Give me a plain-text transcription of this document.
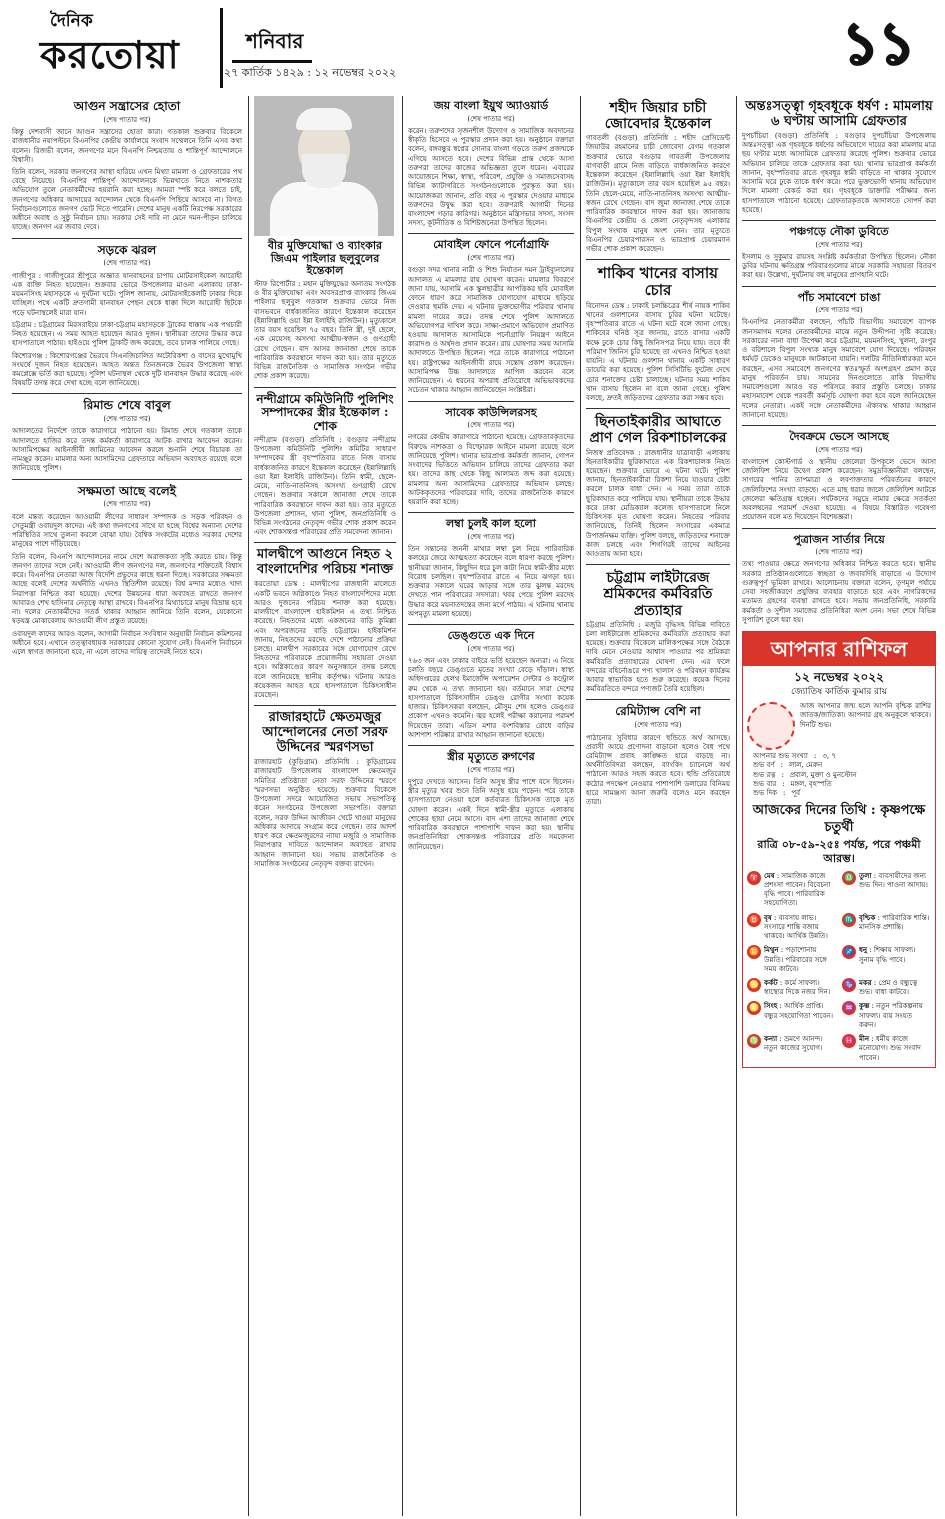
দৈনিক
করতোয়া	শনিবার
২৭ কার্তিক ১৪২৯ : ১২ নভেম্বর ২০২২	১১
আগুন সন্ত্রাসের হোতা
(শেষ পাতার পর)

কিন্তু দেশবাসী জানে আগুন সন্ত্রাসের হোতা কারা। গতকাল শুক্রবার বিকেলে রাজধানীর নয়াপল্টনে বিএনপির কেন্দ্রীয় কার্যালয়ে সংবাদ সম্মেলনে তিনি এসব কথা বলেন। রিজভী বলেন, জনগণের মনে বিএনপি নিশ্চয়তায় ও শান্তিপূর্ণ আন্দোলনে বিশ্বাসী।

তিনি বলেন, সরকার জনগণের আস্থা হারিয়ে এখন মিথ্যা মামলা ও গ্রেফতারের পথ বেছে নিয়েছে। বিএনপির শান্তিপূর্ণ আন্দোলনকে ভিন্নখাতে নিতে নাশকতার অভিযোগ তুলে নেতাকর্মীদের হয়রানি করা হচ্ছে। আমরা স্পষ্ট করে বলতে চাই, জনগণের অধিকার আদায়ের আন্দোলন থেকে বিএনপি পিছিয়ে আসবে না। বিগত নির্বাচনগুলোতে জনগণ ভোট দিতে পারেনি। দেশের মানুষ একটি নিরপেক্ষ সরকারের অধীনে অবাধ ও সুষ্ঠু নির্বাচন চায়। সরকার সেই দাবি না মেনে দমন-পীড়ন চালিয়ে যাচ্ছে। জনগণ এর জবাব দেবে।

সড়কে ঝরল
(শেষ পাতার পর)

গাজীপুর : গাজীপুরের শ্রীপুরে অজ্ঞাত যানবাহনের চাপায় মোটরসাইকেল আরোহী এক ব্যক্তি নিহত হয়েছেন। শুক্রবার ভোরে উপজেলার মাওনা এলাকায় ঢাকা-ময়মনসিংহ মহাসড়কে এ দুর্ঘটনা ঘটে। পুলিশ জানায়, মোটরসাইকেলটি ঢাকার দিকে যাচ্ছিল। পথে একটি দ্রুতগামী যানবাহন পেছন থেকে ধাক্কা দিলে আরোহী ছিটকে পড়ে ঘটনাস্থলেই মারা যান।

চট্টগ্রাম : চট্টগ্রামের মিরসরাইয়ে ঢাকা-চট্টগ্রাম মহাসড়কে ট্রাকের ধাক্কায় এক পথচারী নিহত হয়েছেন। এ সময় আহত হয়েছেন আরও দুজন। স্থানীয়রা তাদের উদ্ধার করে হাসপাতালে পাঠায়। হাইওয়ে পুলিশ ট্রাকটি জব্দ করেছে, তবে চালক পালিয়ে গেছে।

কিশোরগঞ্জ : কিশোরগঞ্জের ভৈরবে সিএনজিচালিত অটোরিকশা ও বাসের মুখোমুখি সংঘর্ষে দুজন নিহত হয়েছেন। আহত অন্তত তিনজনকে ভৈরব উপজেলা স্বাস্থ্য কমপ্লেক্সে ভর্তি করা হয়েছে। পুলিশ ঘটনাস্থল থেকে দুটি যানবাহন উদ্ধার করেছে এবং বিষয়টি তদন্ত করে দেখা হচ্ছে বলে জানিয়েছে।

রিমান্ড শেষে বাবুল
(শেষ পাতার পর)

আদালতের নির্দেশে তাকে কারাগারে পাঠানো হয়। রিমান্ড শেষে গতকাল তাকে আদালতে হাজির করে তদন্ত কর্মকর্তা কারাগারে আটক রাখার আবেদন করেন। আসামিপক্ষের আইনজীবী জামিনের আবেদন করলে শুনানি শেষে বিচারক তা নামঞ্জুর করেন। মামলার অন্য আসামিদের গ্রেফতারে অভিযান অব্যাহত রয়েছে বলে জানিয়েছে পুলিশ।

সক্ষমতা আছে বলেই
(শেষ পাতার পর)

বলে মন্তব্য করেছেন আওয়ামী লীগের সাধারণ সম্পাদক ও সড়ক পরিবহন ও সেতুমন্ত্রী ওবায়দুল কাদের। এই কথা জনগণের সাথে যা হচ্ছে বিশ্বের অন্যান্য দেশের পরিস্থিতির সাথে তুলনা করলে বোঝা যায়। বৈশ্বিক সংকটের মধ্যেও সরকার দেশের মানুষের পাশে দাঁড়িয়েছে।

তিনি বলেন, বিএনপি আন্দোলনের নামে দেশে অরাজকতা সৃষ্টি করতে চায়। কিন্তু জনগণ তাদের সঙ্গে নেই। আওয়ামী লীগ জনগণের দল, জনগণের শক্তিতেই বিশ্বাস করে। বিএনপির নেতারা আজ বিদেশি প্রভুদের কাছে ধরনা দিচ্ছে। সরকারের সক্ষমতা আছে বলেই দেশের অর্থনীতি এখনও স্থিতিশীল রয়েছে। বিশ্ব মন্দার মধ্যেও খাদ্য নিরাপত্তা নিশ্চিত করা হয়েছে। দেশের উন্নয়নের ধারা অব্যাহত রাখতে জনগণ আবারও শেখ হাসিনার নেতৃত্বে আস্থা রাখবে। বিএনপির মিথ্যাচারে মানুষ বিভ্রান্ত হবে না। দলের নেতাকর্মীদের সতর্ক থাকার আহ্বান জানিয়ে তিনি বলেন, যেকোনো ষড়যন্ত্র মোকাবেলায় আওয়ামী লীগ প্রস্তুত রয়েছে।

ওবায়দুল কাদের আরও বলেন, আগামী নির্বাচন সংবিধান অনুযায়ী নির্বাচন কমিশনের অধীনে হবে। এখানে তত্ত্বাবধায়ক সরকারের কোনো সুযোগ নেই। বিএনপি নির্বাচনে এলে স্বাগত জানানো হবে, না এলে তাদের দায়িত্ব তাদেরই নিতে হবে।

বীর মুক্তিযোদ্ধা ও ব্যাংকার জিএম পাইলার ছলুবুলের ইন্তেকাল

স্টাফ রিপোর্টার : মহান মুক্তিযুদ্ধের অন্যতম সংগঠক ও বীর মুক্তিযোদ্ধা এবং অবসরপ্রাপ্ত ব্যাংকার জিএম পাইলার ছলুবুল গতকাল শুক্রবার ভোরে নিজ বাসভবনে বার্ধক্যজনিত কারণে ইন্তেকাল করেছেন (ইন্নালিল্লাহি ওয়া ইন্না ইলাইহি রাজিউন)। মৃত্যুকালে তার বয়স হয়েছিল ৭৫ বছর। তিনি স্ত্রী, দুই ছেলে, এক মেয়েসহ অসংখ্য আত্মীয়-স্বজন ও গুণগ্রাহী রেখে গেছেন। বাদ আসর জানাজা শেষে তাকে পারিবারিক কবরস্থানে দাফন করা হয়। তার মৃত্যুতে বিভিন্ন রাজনৈতিক ও সামাজিক সংগঠন গভীর শোক প্রকাশ করেছে।

নন্দীগ্রামে কমিউনিটি পুলিশিং সম্পাদকের স্ত্রীর ইন্তেকাল : শোক

নন্দীগ্রাম (বগুড়া) প্রতিনিধি : বগুড়ার নন্দীগ্রাম উপজেলা কমিউনিটি পুলিশিং কমিটির সাধারণ সম্পাদকের স্ত্রী বৃহস্পতিবার রাতে নিজ বাসায় বার্ধক্যজনিত কারণে ইন্তেকাল করেছেন (ইন্নালিল্লাহি ওয়া ইন্না ইলাইহি রাজিউন)। তিনি স্বামী, ছেলে-মেয়ে, নাতি-নাতনিসহ অসংখ্য গুণগ্রাহী রেখে গেছেন। শুক্রবার সকালে জানাজা শেষে তাকে পারিবারিক কবরস্থানে দাফন করা হয়। তার মৃত্যুতে উপজেলা প্রশাসন, থানা পুলিশ, জনপ্রতিনিধি ও বিভিন্ন সংগঠনের নেতৃবৃন্দ গভীর শোক প্রকাশ করেন এবং শোকসন্তপ্ত পরিবারের প্রতি সমবেদনা জানান।

মালদ্বীপে আগুনে নিহত ২ বাংলাদেশির পরিচয় শনাক্ত

করতোয়া ডেস্ক : মালদ্বীপের রাজধানী মালেতে একটি ভবনে অগ্নিকাণ্ডে নিহত বাংলাদেশিদের মধ্যে আরও দুজনের পরিচয় শনাক্ত করা হয়েছে। মালদ্বীপে বাংলাদেশ হাইকমিশন এ তথ্য নিশ্চিত করেছে। নিহতদের মধ্যে একজনের বাড়ি কুমিল্লা এবং অপরজনের বাড়ি চট্টগ্রামে। হাইকমিশন জানায়, নিহতদের মরদেহ দেশে পাঠানোর প্রক্রিয়া চলছে। মালদ্বীপ সরকারের সঙ্গে যোগাযোগ রেখে নিহতদের পরিবারকে প্রয়োজনীয় সহায়তা দেওয়া হবে। অগ্নিকাণ্ডের কারণ অনুসন্ধানে তদন্ত চলছে বলে জানিয়েছে স্থানীয় কর্তৃপক্ষ। ঘটনায় আরও কয়েকজন আহত হয়ে হাসপাতালে চিকিৎসাধীন রয়েছেন।

রাজারহাটে ক্ষেতমজুর আন্দোলনের নেতা সরফ উদ্দিনের স্মরণসভা

রাজারহাট (কুড়িগ্রাম) প্রতিনিধি : কুড়িগ্রামের রাজারহাট উপজেলায় বাংলাদেশ ক্ষেতমজুর সমিতির প্রতিষ্ঠাতা নেতা সরফ উদ্দিনের স্মরণে স্মরণসভা অনুষ্ঠিত হয়েছে। শুক্রবার বিকেলে উপজেলা সদরে আয়োজিত সভায় সভাপতিত্ব করেন সংগঠনের উপজেলা সভাপতি। বক্তারা বলেন, সরফ উদ্দিন আজীবন খেটে খাওয়া মানুষের অধিকার আদায়ে সংগ্রাম করে গেছেন। তার আদর্শ ধারণ করে ক্ষেতমজুরদের ন্যায্য মজুরি ও সামাজিক নিরাপত্তার দাবিতে আন্দোলন অব্যাহত রাখার আহ্বান জানানো হয়। সভায় রাজনৈতিক ও সামাজিক সংগঠনের নেতৃবৃন্দ বক্তব্য রাখেন।

জয় বাংলা ইয়ুথ অ্যাওয়ার্ড
(শেষ পাতার পর)

করেন। তরুণদের সৃজনশীল উদ্যোগ ও সামাজিক অবদানের স্বীকৃতি হিসেবে এ পুরস্কার প্রদান করা হয়। অনুষ্ঠানে বক্তারা বলেন, বঙ্গবন্ধুর স্বপ্নের সোনার বাংলা গড়তে তরুণ প্রজন্মকে এগিয়ে আসতে হবে। দেশের বিভিন্ন প্রান্ত থেকে আসা তরুণরা তাদের কাজের অভিজ্ঞতা তুলে ধরেন। এবারের আয়োজনে শিক্ষা, স্বাস্থ্য, পরিবেশ, প্রযুক্তি ও সমাজসেবাসহ বিভিন্ন ক্যাটাগরিতে সংগঠনগুলোকে পুরস্কৃত করা হয়। আয়োজকরা জানান, প্রতি বছর এ পুরস্কার দেওয়ার মাধ্যমে তরুণদের উদ্বুদ্ধ করা হবে। তরুণরাই আগামী দিনের বাংলাদেশ গড়ার কারিগর। অনুষ্ঠানে মন্ত্রিসভার সদস্য, সংসদ সদস্য, কূটনীতিক ও বিশিষ্টজনেরা উপস্থিত ছিলেন।

মোবাইল ফোনে পর্নোগ্রাফি
(শেষ পাতার পর)

বগুড়া সদর থানার নারী ও শিশু নির্যাতন দমন ট্রাইব্যুনালের আদালত এ মামলার রায় ঘোষণা করেন। মামলার বিবরণে জানা যায়, আসামি এক স্কুলছাত্রীর আপত্তিকর ছবি মোবাইল ফোনে ধারণ করে সামাজিক যোগাযোগ মাধ্যমে ছড়িয়ে দেওয়ার হুমকি দেয়। এ ঘটনায় ভুক্তভোগীর পরিবার থানায় মামলা দায়ের করে। তদন্ত শেষে পুলিশ আদালতে অভিযোগপত্র দাখিল করে। সাক্ষ্য-প্রমাণে অভিযোগ প্রমাণিত হওয়ায় আদালত আসামিকে পর্নোগ্রাফি নিয়ন্ত্রণ আইনে কারাদণ্ড ও অর্থদণ্ড প্রদান করেন। রায় ঘোষণার সময় আসামি আদালতে উপস্থিত ছিলেন। পরে তাকে কারাগারে পাঠানো হয়। রাষ্ট্রপক্ষের আইনজীবী রায়ে সন্তোষ প্রকাশ করেছেন। আসামিপক্ষ উচ্চ আদালতে আপিল করবেন বলে জানিয়েছেন। এ ধরনের অপরাধ প্রতিরোধে অভিভাবকদের সচেতন থাকার আহ্বান জানিয়েছেন সংশ্লিষ্টরা।

সাবেক কাউন্সিলরসহ
(শেষ পাতার পর)

নগরের কেন্দ্রীয় কারাগারে পাঠানো হয়েছে। গ্রেফতারকৃতদের বিরুদ্ধে নাশকতা ও বিস্ফোরক আইনে মামলা রয়েছে বলে জানিয়েছে পুলিশ। থানার ভারপ্রাপ্ত কর্মকর্তা জানান, গোপন সংবাদের ভিত্তিতে অভিযান চালিয়ে তাদের গ্রেফতার করা হয়। তাদের কাছ থেকে কিছু আলামত জব্দ করা হয়েছে। মামলার অন্য আসামিদের গ্রেফতারে অভিযান চলছে। আটককৃতদের পরিবারের দাবি, তাদের রাজনৈতিক কারণে হয়রানি করা হচ্ছে।

লম্বা চুলই কাল হলো
(শেষ পাতার পর)

তিন সন্তানের জননী মাথার লম্বা চুল নিয়ে পারিবারিক কলহের জেরে আত্মহত্যা করেছেন বলে ধারণা করছে পুলিশ। স্থানীয়রা জানান, কিছুদিন ধরে চুল কাটা নিয়ে স্বামী-স্ত্রীর মধ্যে বিরোধ চলছিল। বৃহস্পতিবার রাতে এ নিয়ে ঝগড়া হয়। শুক্রবার সকালে ঘরের আড়ার সঙ্গে তার ঝুলন্ত মরদেহ দেখতে পান পরিবারের সদস্যরা। খবর পেয়ে পুলিশ মরদেহ উদ্ধার করে ময়নাতদন্তের জন্য মর্গে পাঠায়। এ ঘটনায় থানায় অপমৃত্যু মামলা হয়েছে।

ডেঙ্গুতে এক দিনে
(শেষ পাতার পর)

৭৬৩ জন এবং ঢাকার বাইরে ভর্তি হয়েছেন অন্যরা। এ নিয়ে চলতি বছরে ডেঙ্গুতে মৃতের সংখ্যা বেড়ে দাঁড়াল। স্বাস্থ্য অধিদপ্তরের হেলথ ইমার্জেন্সি অপারেশন সেন্টার ও কন্ট্রোল রুম থেকে এ তথ্য জানানো হয়। বর্তমানে সারা দেশের হাসপাতালে চিকিৎসাধীন ডেঙ্গু রোগীর সংখ্যা কয়েক হাজার। চিকিৎসকরা বলছেন, মৌসুম শেষ হলেও ডেঙ্গুর প্রকোপ এখনও কমেনি। জ্বর হলেই পরীক্ষা করানোর পরামর্শ দিয়েছেন তারা। এডিস মশার বংশবিস্তার রোধে বাড়ির আশপাশ পরিষ্কার রাখার আহ্বান জানানো হয়েছে।

স্ত্রীর মৃত্যুতে রুগণের
(শেষ পাতার পর)

দুপুরে দেখতে আসেন। তিনি অসুস্থ স্ত্রীর পাশে বসে ছিলেন। স্ত্রীর মৃত্যুর খবর শুনে তিনি অসুস্থ হয়ে পড়েন। পরে তাকে হাসপাতালে নেওয়া হলে কর্তব্যরত চিকিৎসক তাকে মৃত ঘোষণা করেন। একই দিনে স্বামী-স্ত্রীর মৃত্যুতে এলাকায় শোকের ছায়া নেমে আসে। বাদ এশা তাদের জানাজা শেষে পারিবারিক কবরস্থানে পাশাপাশি দাফন করা হয়। স্থানীয় জনপ্রতিনিধিরা শোকসন্তপ্ত পরিবারের প্রতি সমবেদনা জানিয়েছেন।

শহীদ জিয়ার চাচী জোবেদার ইন্তেকাল

গাবতলী (বগুড়া) প্রতিনিধি : শহীদ প্রেসিডেন্ট জিয়াউর রহমানের চাচী জোবেদা বেগম গতকাল শুক্রবার ভোরে বগুড়ার গাবতলী উপজেলার বাগবাড়ী গ্রামে নিজ বাড়িতে বার্ধক্যজনিত কারণে ইন্তেকাল করেছেন (ইন্নালিল্লাহি ওয়া ইন্না ইলাইহি রাজিউন)। মৃত্যুকালে তার বয়স হয়েছিল ৯৫ বছর। তিনি ছেলে-মেয়ে, নাতি-নাতনিসহ অসংখ্য আত্মীয়-স্বজন রেখে গেছেন। বাদ জুমা জানাজা শেষে তাকে পারিবারিক কবরস্থানে দাফন করা হয়। জানাজায় বিএনপির কেন্দ্রীয় ও জেলা নেতৃবৃন্দসহ এলাকার বিপুল সংখ্যক মানুষ অংশ নেন। তার মৃত্যুতে বিএনপির চেয়ারপারসন ও ভারপ্রাপ্ত চেয়ারম্যান গভীর শোক প্রকাশ করেছেন।

শাকিব খানের বাসায় চোর

বিনোদন ডেস্ক : ঢাকাই চলচ্চিত্রের শীর্ষ নায়ক শাকিব খানের গুলশানের বাসায় চুরির ঘটনা ঘটেছে। বৃহস্পতিবার রাতে এ ঘটনা ঘটে বলে জানা গেছে। শাকিবের ঘনিষ্ঠ সূত্র জানায়, রাতে বাসার একটি কক্ষে ঢুকে চোর কিছু জিনিসপত্র নিয়ে যায়। তবে কী পরিমাণ জিনিস চুরি হয়েছে তা এখনও নিশ্চিত হওয়া যায়নি। এ ঘটনায় গুলশান থানায় একটি সাধারণ ডায়েরি করা হয়েছে। পুলিশ সিসিটিভি ফুটেজ দেখে চোর শনাক্তের চেষ্টা চালাচ্ছে। ঘটনার সময় শাকিব খান বাসায় ছিলেন না বলে জানা গেছে। পুলিশ বলছে, দ্রুতই জড়িতদের গ্রেফতার করা সম্ভব হবে।

ছিনতাইকারীর আঘাতে প্রাণ গেল রিকশাচালকের

নিজস্ব প্রতিবেদক : রাজধানীর যাত্রাবাড়ী এলাকায় ছিনতাইকারীর ছুরিকাঘাতে এক রিকশাচালক নিহত হয়েছেন। শুক্রবার ভোরে এ ঘটনা ঘটে। পুলিশ জানায়, ছিনতাইকারীরা রিকশা নিয়ে যাওয়ার চেষ্টা করলে চালক বাধা দেন। এ সময় তারা তাকে ছুরিকাঘাত করে পালিয়ে যায়। স্থানীয়রা তাকে উদ্ধার করে ঢাকা মেডিক্যাল কলেজ হাসপাতালে নিলে চিকিৎসক মৃত ঘোষণা করেন। নিহতের পরিবার জানিয়েছে, তিনিই ছিলেন সংসারের একমাত্র উপার্জনক্ষম ব্যক্তি। পুলিশ বলছে, জড়িতদের শনাক্তে কাজ চলছে এবং শিগগিরই তাদের আইনের আওতায় আনা হবে।

চট্টগ্রাম লাইটারেজ শ্রমিকদের কর্মবিরতি প্রত্যাহার

চট্টগ্রাম প্রতিনিধি : মজুরি বৃদ্ধিসহ বিভিন্ন দাবিতে চলা লাইটারেজ শ্রমিকদের কর্মবিরতি প্রত্যাহার করা হয়েছে। শুক্রবার বিকেলে মালিকপক্ষের সঙ্গে বৈঠকে দাবি মেনে নেওয়ার আশ্বাস পাওয়ার পর শ্রমিকরা কর্মবিরতি প্রত্যাহারের ঘোষণা দেন। এর ফলে বন্দরের বহির্নোঙরে পণ্য খালাস ও পরিবহন কার্যক্রম আবার স্বাভাবিক হতে শুরু করেছে। কয়েক দিনের কর্মবিরতিতে বন্দরে পণ্যজট তৈরি হয়েছিল।

রেমিট্যান্স বেশি না
(শেষ পাতার পর)

পাঠানোর সুবিধার কারণে হুন্ডিতে অর্থ আসছে। প্রবাসী আয়ে প্রণোদনা বাড়ানো হলেও বৈধ পথে রেমিট্যান্স প্রবাহ কাঙ্ক্ষিত হারে বাড়ছে না। অর্থনীতিবিদরা বলছেন, ব্যাংকিং চ্যানেলে অর্থ পাঠানো আরও সহজ করতে হবে। হুন্ডি প্রতিরোধে কঠোর পদক্ষেপ নেওয়ার পাশাপাশি ডলারের বিনিময় হারে সামঞ্জস্য আনা জরুরি বলেও মনে করছেন তারা।

অন্তঃসত্ত্বা গৃহবধূকে ধর্ষণ : মামলায় ৬ ঘণ্টায় আসামি গ্রেফতার

দুপচাঁচিয়া (বগুড়া) প্রতিনিধি : বগুড়ার দুপচাঁচিয়া উপজেলায় অন্তঃসত্ত্বা এক গৃহবধূকে ধর্ষণের অভিযোগে দায়ের করা মামলায় মাত্র ছয় ঘণ্টার মধ্যে আসামিকে গ্রেফতার করেছে পুলিশ। শুক্রবার ভোরে অভিযান চালিয়ে তাকে গ্রেফতার করা হয়। থানার ভারপ্রাপ্ত কর্মকর্তা জানান, বৃহস্পতিবার রাতে গৃহবধূর স্বামী বাড়িতে না থাকার সুযোগে আসামি ঘরে ঢুকে তাকে ধর্ষণ করে। পরে ভুক্তভোগী থানায় অভিযোগ দিলে মামলা রেকর্ড করা হয়। গৃহবধূকে ডাক্তারি পরীক্ষার জন্য হাসপাতালে পাঠানো হয়েছে। গ্রেফতারকৃতকে আদালতে সোপর্দ করা হয়েছে।

পঞ্চগড়ে নৌকা ডুবিতে
(শেষ পাতার পর)

ইসলাম ও সুকুমার রায়সহ সংশ্লিষ্ট কর্মকর্তারা উপস্থিত ছিলেন। নৌকা ডুবির ঘটনায় ক্ষতিগ্রস্ত পরিবারগুলোর মাঝে সরকারি সহায়তা বিতরণ করা হয়। উল্লেখ্য, দুর্ঘটনায় বহু মানুষের প্রাণহানি ঘটে।

পাঁচ সমাবেশে চাঙা
(শেষ পাতার পর)

বিএনপির নেতাকর্মীরা বলছেন, পাঁচটি বিভাগীয় সমাবেশে ব্যাপক জনসমাগম দলের নেতাকর্মীদের মাঝে নতুন উদ্দীপনা সৃষ্টি করেছে। সরকারের নানা বাধা উপেক্ষা করে চট্টগ্রাম, ময়মনসিংহ, খুলনা, রংপুর ও বরিশালে বিপুল সংখ্যক মানুষ সমাবেশে যোগ দিয়েছে। পরিবহন ধর্মঘট ডেকেও মানুষকে আটকানো যায়নি। দলটির নীতিনির্ধারকরা মনে করছেন, এসব সমাবেশে জনগণের স্বতঃস্ফূর্ত অংশগ্রহণ প্রমাণ করে মানুষ পরিবর্তন চায়। সামনের দিনগুলোতে বাকি বিভাগীয় সমাবেশগুলো আরও বড় পরিসরে করার প্রস্তুতি চলছে। ঢাকার মহাসমাবেশ থেকে পরবর্তী কর্মসূচি ঘোষণা করা হবে বলে জানিয়েছেন দলের নেতারা। একই সঙ্গে নেতাকর্মীদের ঐক্যবদ্ধ থাকার আহ্বান জানানো হয়েছে।

দৈবক্রমে ভেসে আসছে
(শেষ পাতার পর)

বাংলাদেশ কোস্টগার্ড ও স্থানীয় জেলেরা উপকূলে ভেসে আসা জেলিফিশ নিয়ে উদ্বেগ প্রকাশ করেছেন। সমুদ্রবিজ্ঞানীরা বলছেন, সাগরের পানির তাপমাত্রা ও লবণাক্ততার পরিবর্তনের কারণে জেলিফিশের সংখ্যা বাড়ছে। এতে মাছ ধরার জালে জেলিফিশ আটকে জেলেরা ক্ষতিগ্রস্ত হচ্ছেন। পর্যটকদের সমুদ্রে নামার ক্ষেত্রে সতর্কতা অবলম্বনের পরামর্শ দেওয়া হয়েছে। এ বিষয়ে বিস্তারিত গবেষণা প্রয়োজন বলে মত দিয়েছেন বিশেষজ্ঞরা।

পুত্রাজন সার্তার নিয়ে
(শেষ পাতার পর)

তথ্য পাওয়ার ক্ষেত্রে জনগণের অধিকার নিশ্চিত করতে হবে। স্থানীয় সরকার প্রতিষ্ঠানগুলোতে স্বচ্ছতা ও জবাবদিহি বাড়াতে এ উদ্যোগ গুরুত্বপূর্ণ ভূমিকা রাখবে। আলোচনায় বক্তারা বলেন, তৃণমূল পর্যায়ে সেবা সহজীকরণে প্রযুক্তির ব্যবহার বাড়াতে হবে এবং নাগরিকদের মতামত গ্রহণের ব্যবস্থা রাখতে হবে। সভায় জনপ্রতিনিধি, সরকারি কর্মকর্তা ও সুশীল সমাজের প্রতিনিধিরা অংশ নেন। সভা শেষে বিভিন্ন সুপারিশ তুলে ধরা হয়।

আপনার রাশিফল
১২ নভেম্বর ২০২২
জ্যোতিষ কার্তিক কুমার রায়

আজ আপনার জন্ম হলে আপনি বৃশ্চিক রাশির জাতক/জাতিকা। আপনার গ্রহ অনুকূলে থাকবে। দিনটি শুভ।

আপনার শুভ সংখ্যা : ৩, ৭
শুভ বর্ণ : লাল, মেরুন
শুভ রত্ন : প্রবাল, মুক্তা ও মুনস্টোন
শুভ বার : মঙ্গল, বৃহস্পতি
শুভ দিক : পূর্ব
আজকের দিনের তিথি : কৃষ্ণপক্ষে চতুর্থী
রাত্রি ০৮-৫৯-২৫ঃ পর্যন্ত, পরে পঞ্চমী আরম্ভ।
♈ মেষ : সামাজিক কাজে প্রশংসা পাবেন। বিবেচনা বৃদ্ধি পাবে। পারিবারিক সহযোগিতা।
♎ তুলা : ব্যবসায়ীদের জন্য শুভ দিন। পাওনা আদায়।
♉ বৃষ : ব্যবসায় লাভ। সংসারে শান্তি বজায় থাকবে। আর্থিক উন্নতি।
♏ বৃশ্চিক : পারিবারিক শান্তি। মানসিক প্রশান্তি।
♊ মিথুন : পড়াশোনায় উন্নতি। পরিবারের সঙ্গে সময় কাটবে।
♐ ধনু : শিক্ষায় সাফল্য। সুনাম বৃদ্ধি পাবে।
♋ কর্কট : কর্মে সাফল্য। স্বাস্থ্যের দিকে নজর দিন।
♑ মকর : প্রেম ও বন্ধুত্বে শুভ। বাধা কাটবে।
♌ সিংহ : আর্থিক প্রাপ্তি। বন্ধুর সহযোগিতা পাবেন।
♒ কুম্ভ : নতুন পরিকল্পনায় সাফল্য। ব্যয় সংযত করুন।
♍ কন্যা : ভ্রমণে আনন্দ। নতুন কাজের সুযোগ।
♓ মীন : ধর্মীয় কাজে মনোযোগ। শুভ সংবাদ পাবেন।
